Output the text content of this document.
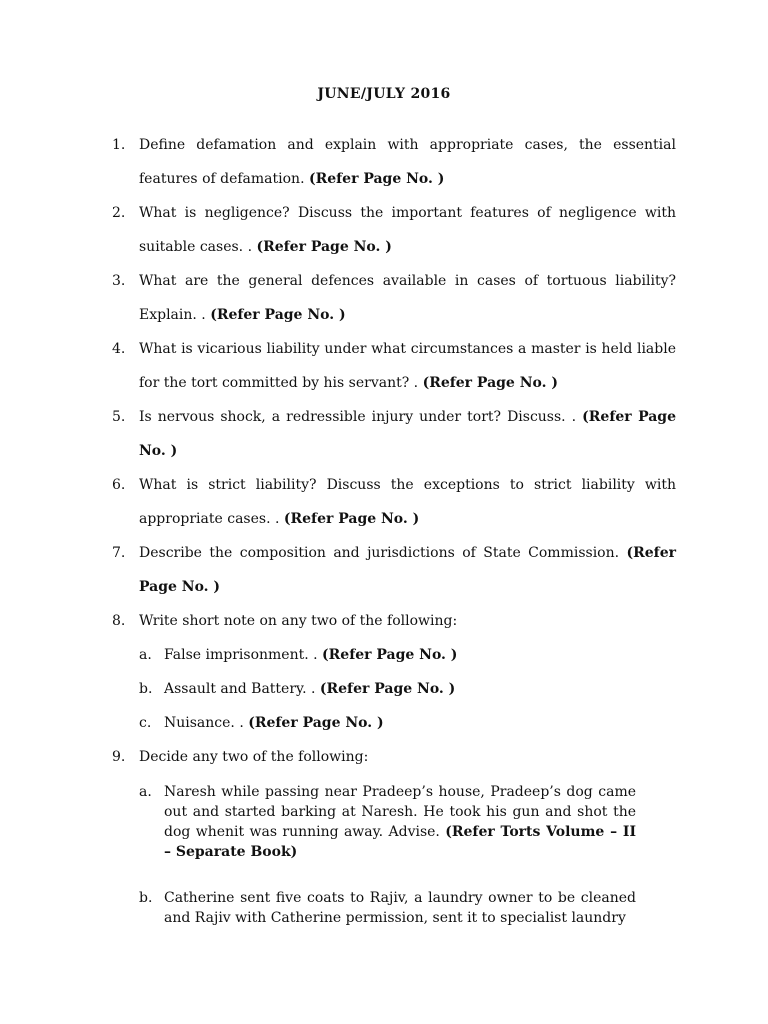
JUNE/JULY 2016
1. Define defamation and explain with appropriate cases, the essential features of defamation. (Refer Page No. )
2. What is negligence? Discuss the important features of negligence with suitable cases. . (Refer Page No. )
3. What are the general defences available in cases of tortuous liability? Explain. . (Refer Page No. )
4. What is vicarious liability under what circumstances a master is held liable for the tort committed by his servant? . (Refer Page No. )
5. Is nervous shock, a redressible injury under tort? Discuss. . (Refer Page No. )
6. What is strict liability? Discuss the exceptions to strict liability with appropriate cases. . (Refer Page No. )
7. Describe the composition and jurisdictions of State Commission. (Refer Page No. )
8. Write short note on any two of the following:
a. False imprisonment. . (Refer Page No. )
b. Assault and Battery. . (Refer Page No. )
c. Nuisance. . (Refer Page No. )
9. Decide any two of the following:
a. Naresh while passing near Pradeep’s house, Pradeep’s dog came out and started barking at Naresh. He took his gun and shot the dog whenit was running away. Advise. (Refer Torts Volume – II – Separate Book)
b. Catherine sent five coats to Rajiv, a laundry owner to be cleaned and Rajiv with Catherine permission, sent it to specialist laundry
